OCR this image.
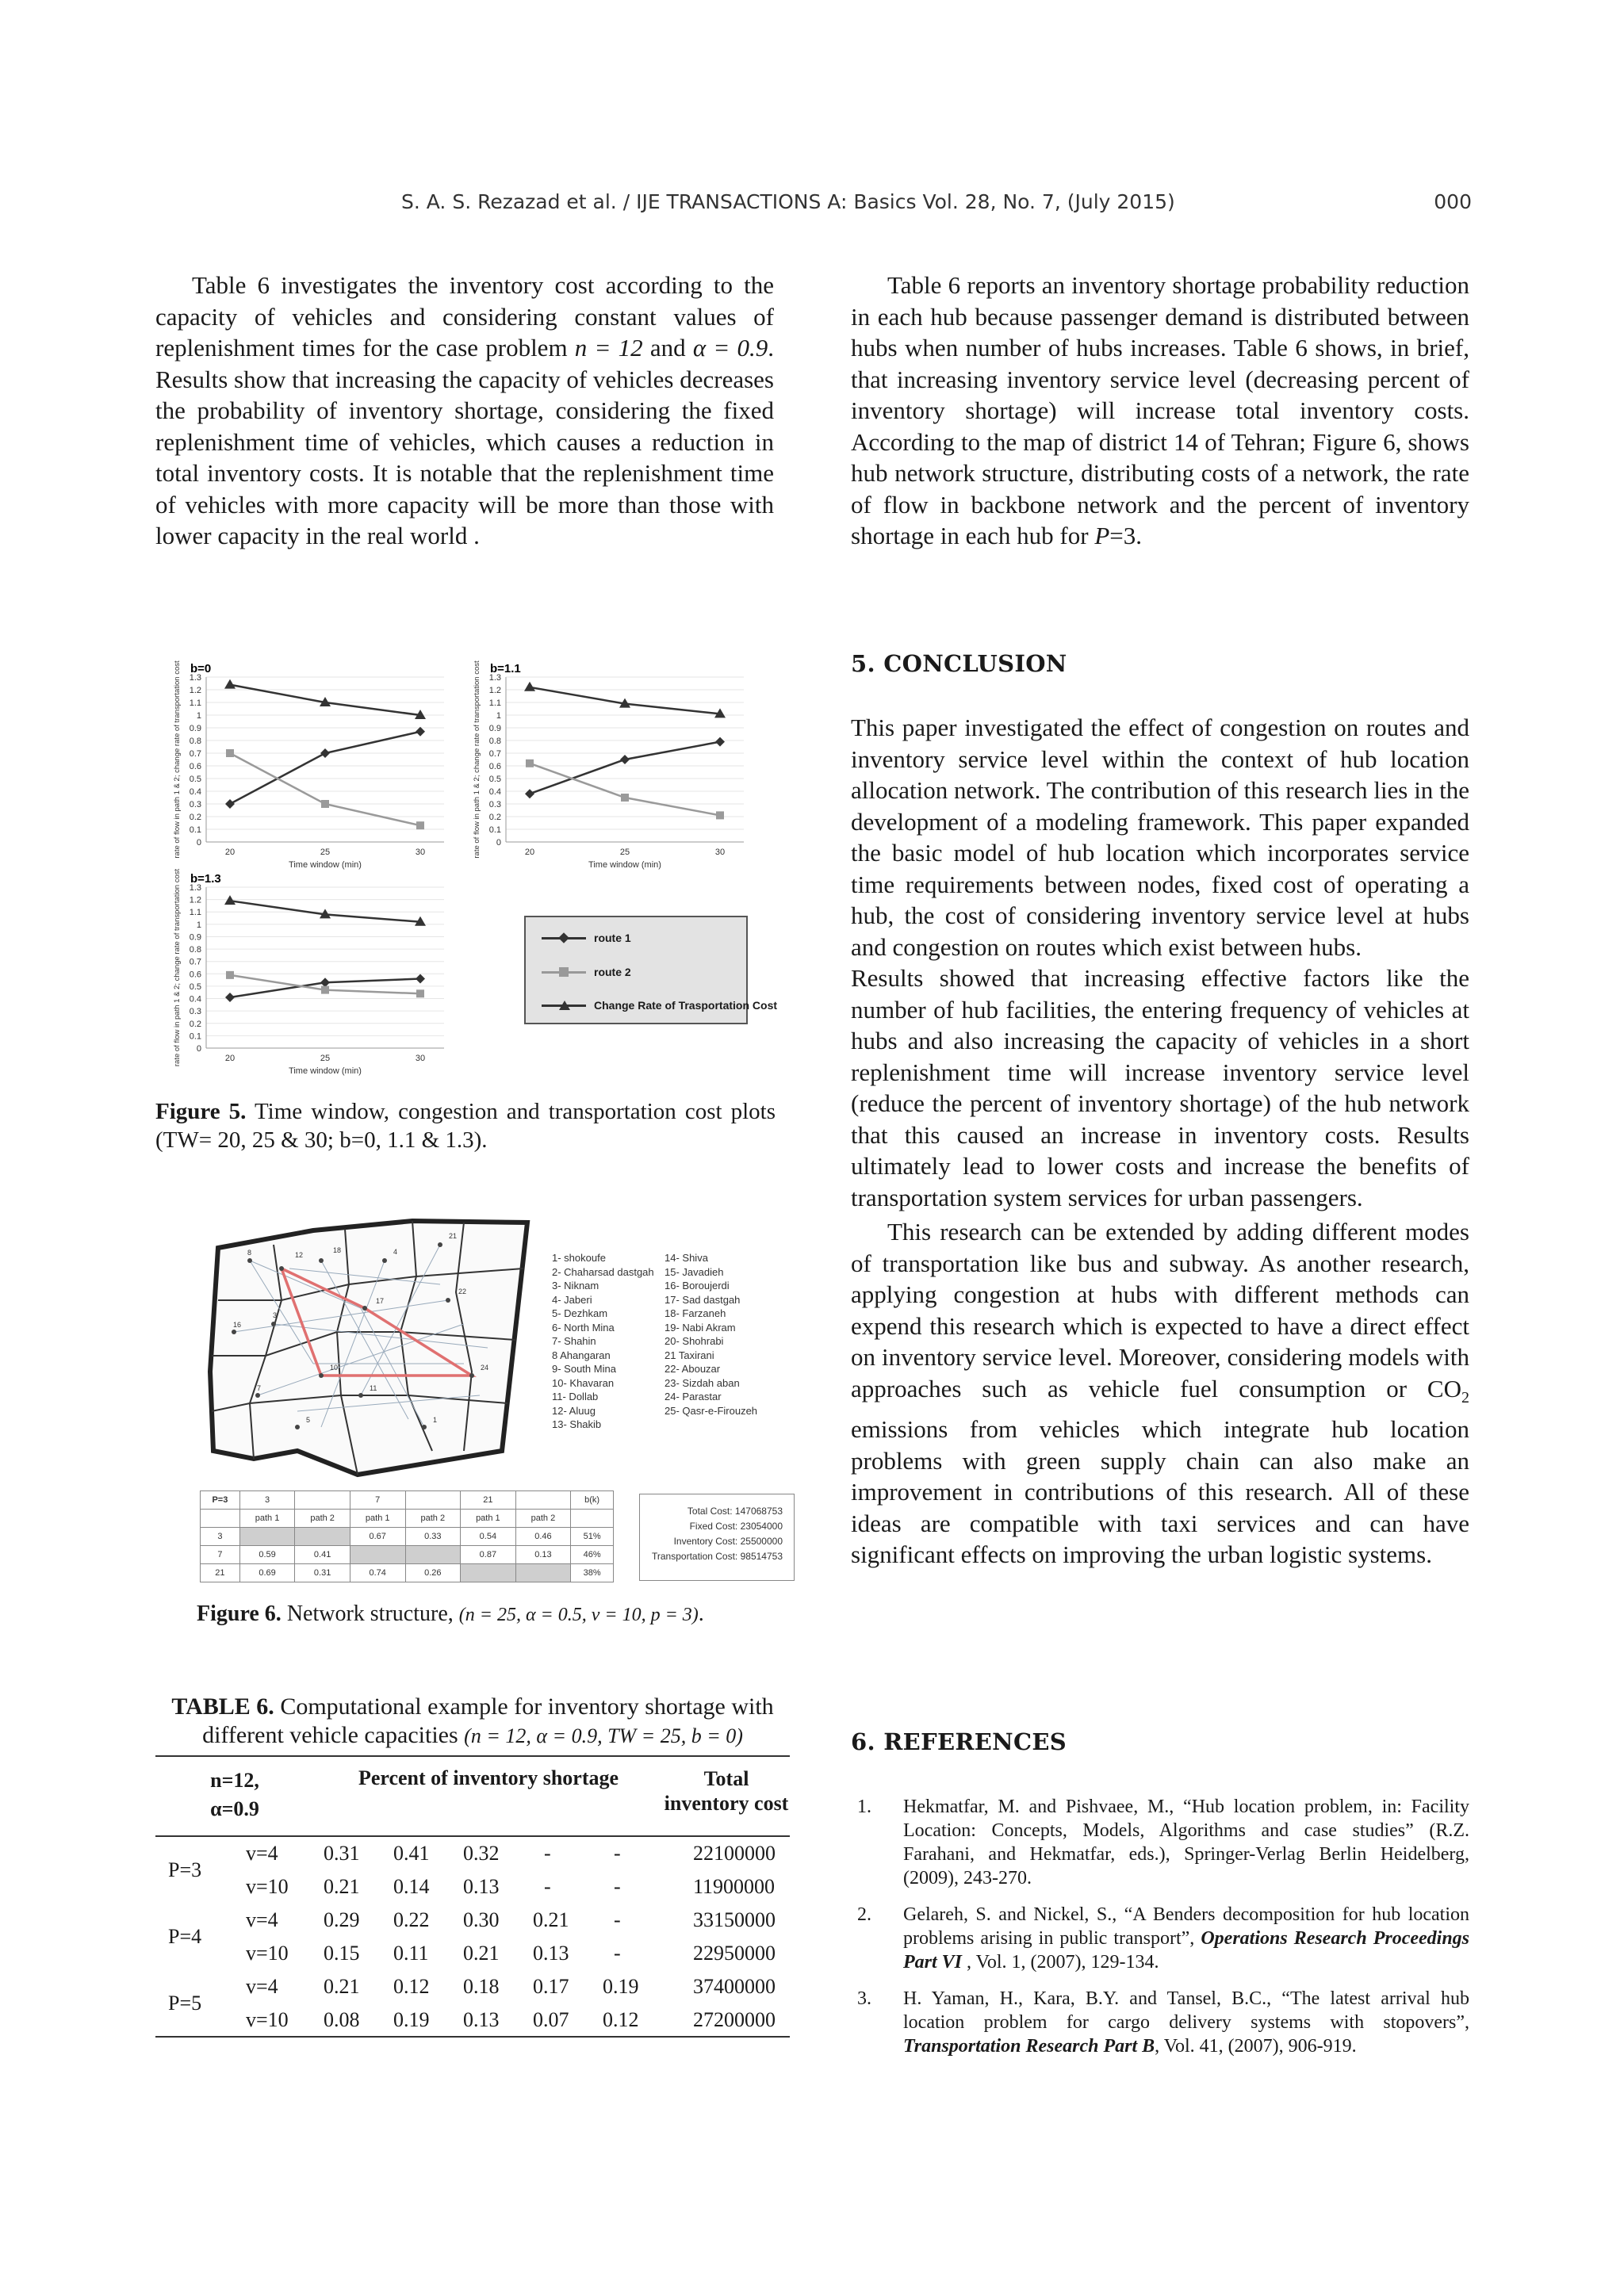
S. A. S. Rezazad et al. / IJE TRANSACTIONS A: Basics Vol. 28, No. 7, (July 2015)	000
Table 6 investigates the inventory cost according to the capacity of vehicles and considering constant values of replenishment times for the case problem n = 12 and α = 0.9. Results show that increasing the capacity of vehicles decreases the probability of inventory shortage, considering the fixed replenishment time of vehicles, which causes a reduction in total inventory costs. It is notable that the replenishment time of vehicles with more capacity will be more than those with lower capacity in the real world .
Table 6 reports an inventory shortage probability reduction in each hub because passenger demand is distributed between hubs when number of hubs increases. Table 6 shows, in brief, that increasing inventory service level (decreasing percent of inventory shortage) will increase total inventory costs. According to the map of district 14 of Tehran; Figure 6, shows hub network structure, distributing costs of a network, the rate of flow in backbone network and the percent of inventory shortage in each hub for P=3.
b=0
0
0.1
0.2
0.3
0.4
0.5
0.6
0.7
0.8
0.9
1
1.1
1.2
1.3
20	25	30
Time window (min)
rate of flow in path 1 & 2; change rate of transportation cost	b=1.1
0
0.1
0.2
0.3
0.4
0.5
0.6
0.7
0.8
0.9
1
1.1
1.2
1.3
20	25	30
Time window (min)
rate of flow in path 1 & 2; change rate of transportation cost
b=1.3
0
0.1
0.2
0.3
0.4
0.5
0.6
0.7
0.8
0.9
1
1.1
1.2
1.3
20	25	30
Time window (min)
rate of flow in path 1 & 2; change rate of transportation cost	route 1
route 2
Change Rate of Trasportation Cost
Figure 5. Time window, congestion and transportation cost plots (TW= 20, 25 & 30; b=0, 1.1 & 1.3).
8	12
18	4
21
16
3
17
22
10	24
7	11
1
5
1- shokoufe
2- Chaharsad dastgah
3- Niknam
4- Jaberi
5- Dezhkam
6- North Mina
7- Shahin
8 Ahangaran
9- South Mina
10- Khavaran
11- Dollab
12- Aluug
13- Shakib
14- Shiva
15- Javadieh
16- Boroujerdi
17- Sad dastgah
18- Farzaneh
19- Nabi Akram
20- Shohrabi
21 Taxirani
22- Abouzar
23- Sizdah aban
24- Parastar
25- Qasr-e-Firouzeh
P=3	3		7		21		b(k)
	path 1	path 2	path 1	path 2	path 1	path 2	
3			0.67	0.33	0.54	0.46	51%
7	0.59	0.41			0.87	0.13	46%
21	0.69	0.31	0.74	0.26			38%
Total Cost: 147068753
Fixed Cost: 23054000
Inventory Cost: 25500000
Transportation Cost: 98514753
Figure 6. Network structure, (n = 25, α = 0.5, v = 10, p = 3).
TABLE 6. Computational example for inventory shortage with different vehicle capacities (n = 12, α = 0.9, TW = 25, b = 0)
n=12,
α=0.9		Percent of inventory shortage					Total inventory cost

P=3	v=4	0.31	0.41	0.32	-	-	22100000
	v=10	0.21	0.14	0.13	-	-	11900000
P=4	v=4	0.29	0.22	0.30	0.21	-	33150000
	v=10	0.15	0.11	0.21	0.13	-	22950000
P=5	v=4	0.21	0.12	0.18	0.17	0.19	37400000
	v=10	0.08	0.19	0.13	0.07	0.12	27200000

5. CONCLUSION
This paper investigated the effect of congestion on routes and inventory service level within the context of hub location allocation network. The contribution of this research lies in the development of a modeling framework. This paper expanded the basic model of hub location which incorporates service time requirements between nodes, fixed cost of operating a hub, the cost of considering inventory service level at hubs and congestion on routes which exist between hubs.
Results showed that increasing effective factors like the number of hub facilities, the entering frequency of vehicles at hubs and also increasing the capacity of vehicles in a short replenishment time will increase inventory service level (reduce the percent of inventory shortage) of the hub network that this caused an increase in inventory costs. Results ultimately lead to lower costs and increase the benefits of transportation system services for urban passengers.
This research can be extended by adding different modes of transportation like bus and subway. As another research, applying congestion at hubs with different methods can expend this research which is expected to have a direct effect on inventory service level. Moreover, considering models with approaches such as vehicle fuel consumption or $CO_2$ emissions from vehicles which integrate hub location problems with green supply chain can also make an improvement in contributions of this research. All of these ideas are compatible with taxi services and can have significant effects on improving the urban logistic systems.
6. REFERENCES
1. Hekmatfar, M. and Pishvaee, M., “Hub location problem, in: Facility Location: Concepts, Models, Algorithms and case studies” (R.Z. Farahani, and Hekmatfar, eds.), Springer-Verlag Berlin Heidelberg, (2009), 243-270.
2. Gelareh, S. and Nickel, S., “A Benders decomposition for hub location problems arising in public transport”, Operations Research Proceedings Part VI , Vol. 1, (2007), 129-134.
3. H. Yaman, H., Kara, B.Y. and Tansel, B.C., “The latest arrival hub location problem for cargo delivery systems with stopovers”, Transportation Research Part B, Vol. 41, (2007), 906-919.
